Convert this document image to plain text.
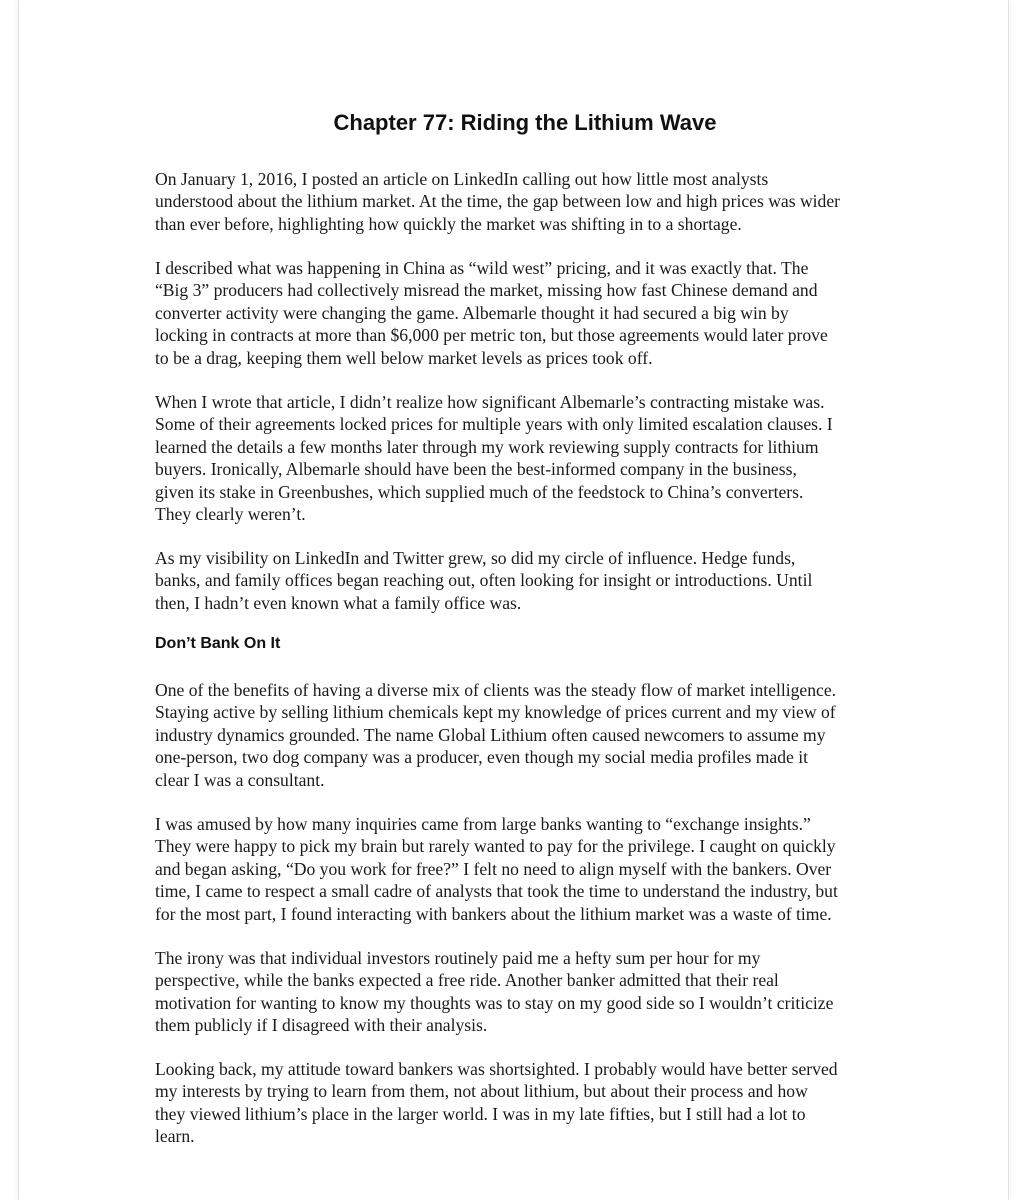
Chapter 77: Riding the Lithium Wave

On January 1, 2016, I posted an article on LinkedIn calling out how little most analysts
understood about the lithium market. At the time, the gap between low and high prices was wider
than ever before, highlighting how quickly the market was shifting in to a shortage.

I described what was happening in China as “wild west” pricing, and it was exactly that. The
“Big 3” producers had collectively misread the market, missing how fast Chinese demand and
converter activity were changing the game. Albemarle thought it had secured a big win by
locking in contracts at more than $6,000 per metric ton, but those agreements would later prove
to be a drag, keeping them well below market levels as prices took off.

When I wrote that article, I didn’t realize how significant Albemarle’s contracting mistake was.
Some of their agreements locked prices for multiple years with only limited escalation clauses. I
learned the details a few months later through my work reviewing supply contracts for lithium
buyers. Ironically, Albemarle should have been the best-informed company in the business,
given its stake in Greenbushes, which supplied much of the feedstock to China’s converters.
They clearly weren’t.

As my visibility on LinkedIn and Twitter grew, so did my circle of influence. Hedge funds,
banks, and family offices began reaching out, often looking for insight or introductions. Until
then, I hadn’t even known what a family office was.

Don’t Bank On It

One of the benefits of having a diverse mix of clients was the steady flow of market intelligence.
Staying active by selling lithium chemicals kept my knowledge of prices current and my view of
industry dynamics grounded. The name Global Lithium often caused newcomers to assume my
one-person, two dog company was a producer, even though my social media profiles made it
clear I was a consultant.

I was amused by how many inquiries came from large banks wanting to “exchange insights.”
They were happy to pick my brain but rarely wanted to pay for the privilege. I caught on quickly
and began asking, “Do you work for free?” I felt no need to align myself with the bankers. Over
time, I came to respect a small cadre of analysts that took the time to understand the industry, but
for the most part, I found interacting with bankers about the lithium market was a waste of time.

The irony was that individual investors routinely paid me a hefty sum per hour for my
perspective, while the banks expected a free ride. Another banker admitted that their real
motivation for wanting to know my thoughts was to stay on my good side so I wouldn’t criticize
them publicly if I disagreed with their analysis.

Looking back, my attitude toward bankers was shortsighted. I probably would have better served
my interests by trying to learn from them, not about lithium, but about their process and how
they viewed lithium’s place in the larger world. I was in my late fifties, but I still had a lot to
learn.
